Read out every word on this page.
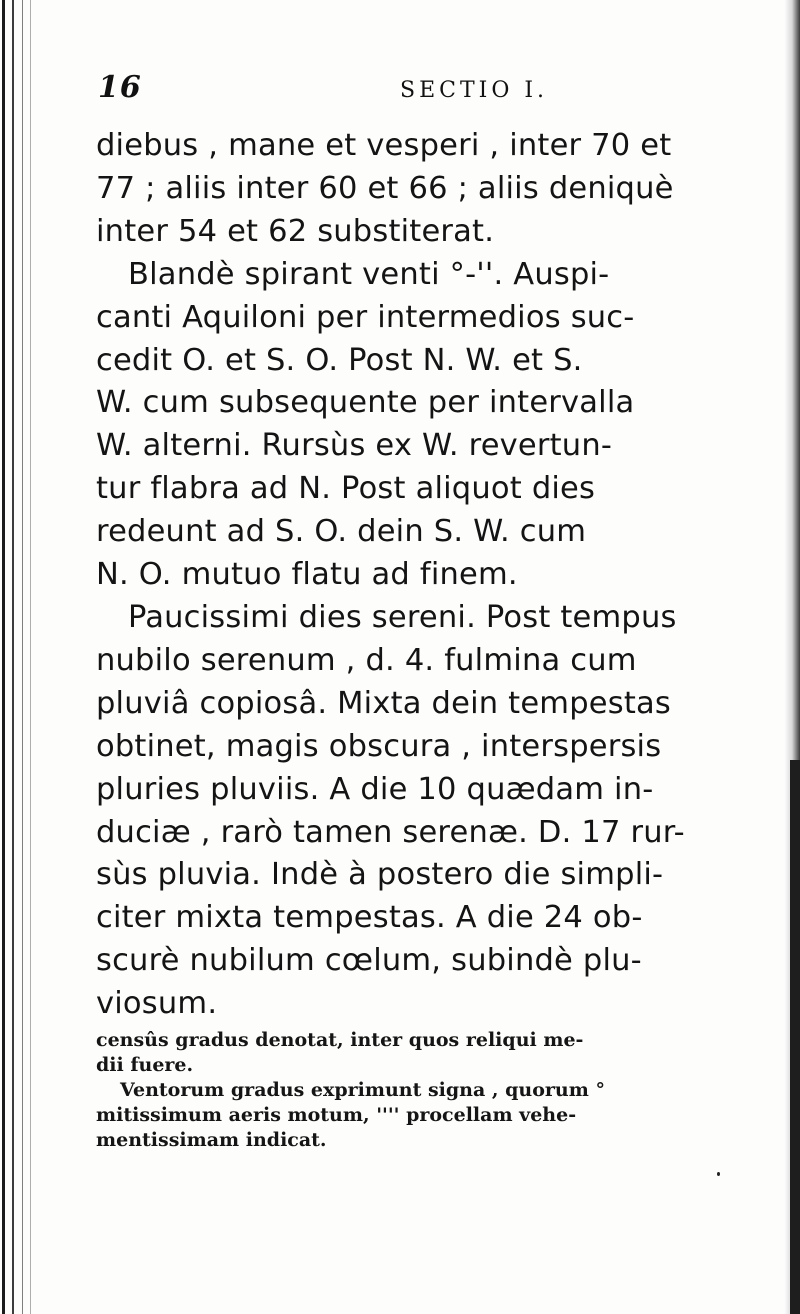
16	SECTIO I.
diebus , mane et vesperi , inter 70 et
77 ; aliis inter 60 et 66 ; aliis deniquè
inter 54 et 62 substiterat.
Blandè spirant venti °-''. Auspi-
canti Aquiloni per intermedios suc-
cedit O. et S. O. Post N. W. et S.
W. cum subsequente per intervalla
W. alterni. Rursùs ex W. revertun-
tur flabra ad N. Post aliquot dies
redeunt ad S. O. dein S. W. cum
N. O. mutuo flatu ad finem.
Paucissimi dies sereni. Post tempus
nubilo serenum , d. 4. fulmina cum
pluviâ copiosâ. Mixta dein tempestas
obtinet, magis obscura , interspersis
pluries pluviis. A die 10 quædam in-
duciæ , rarò tamen serenæ. D. 17 rur-
sùs pluvia. Indè à postero die simpli-
citer mixta tempestas. A die 24 ob-
scurè nubilum cœlum, subindè plu-
viosum.
censûs gradus denotat, inter quos reliqui me-
dii fuere.
Ventorum gradus exprimunt signa , quorum °
mitissimum aeris motum, '''' procellam vehe-
mentissimam indicat.
